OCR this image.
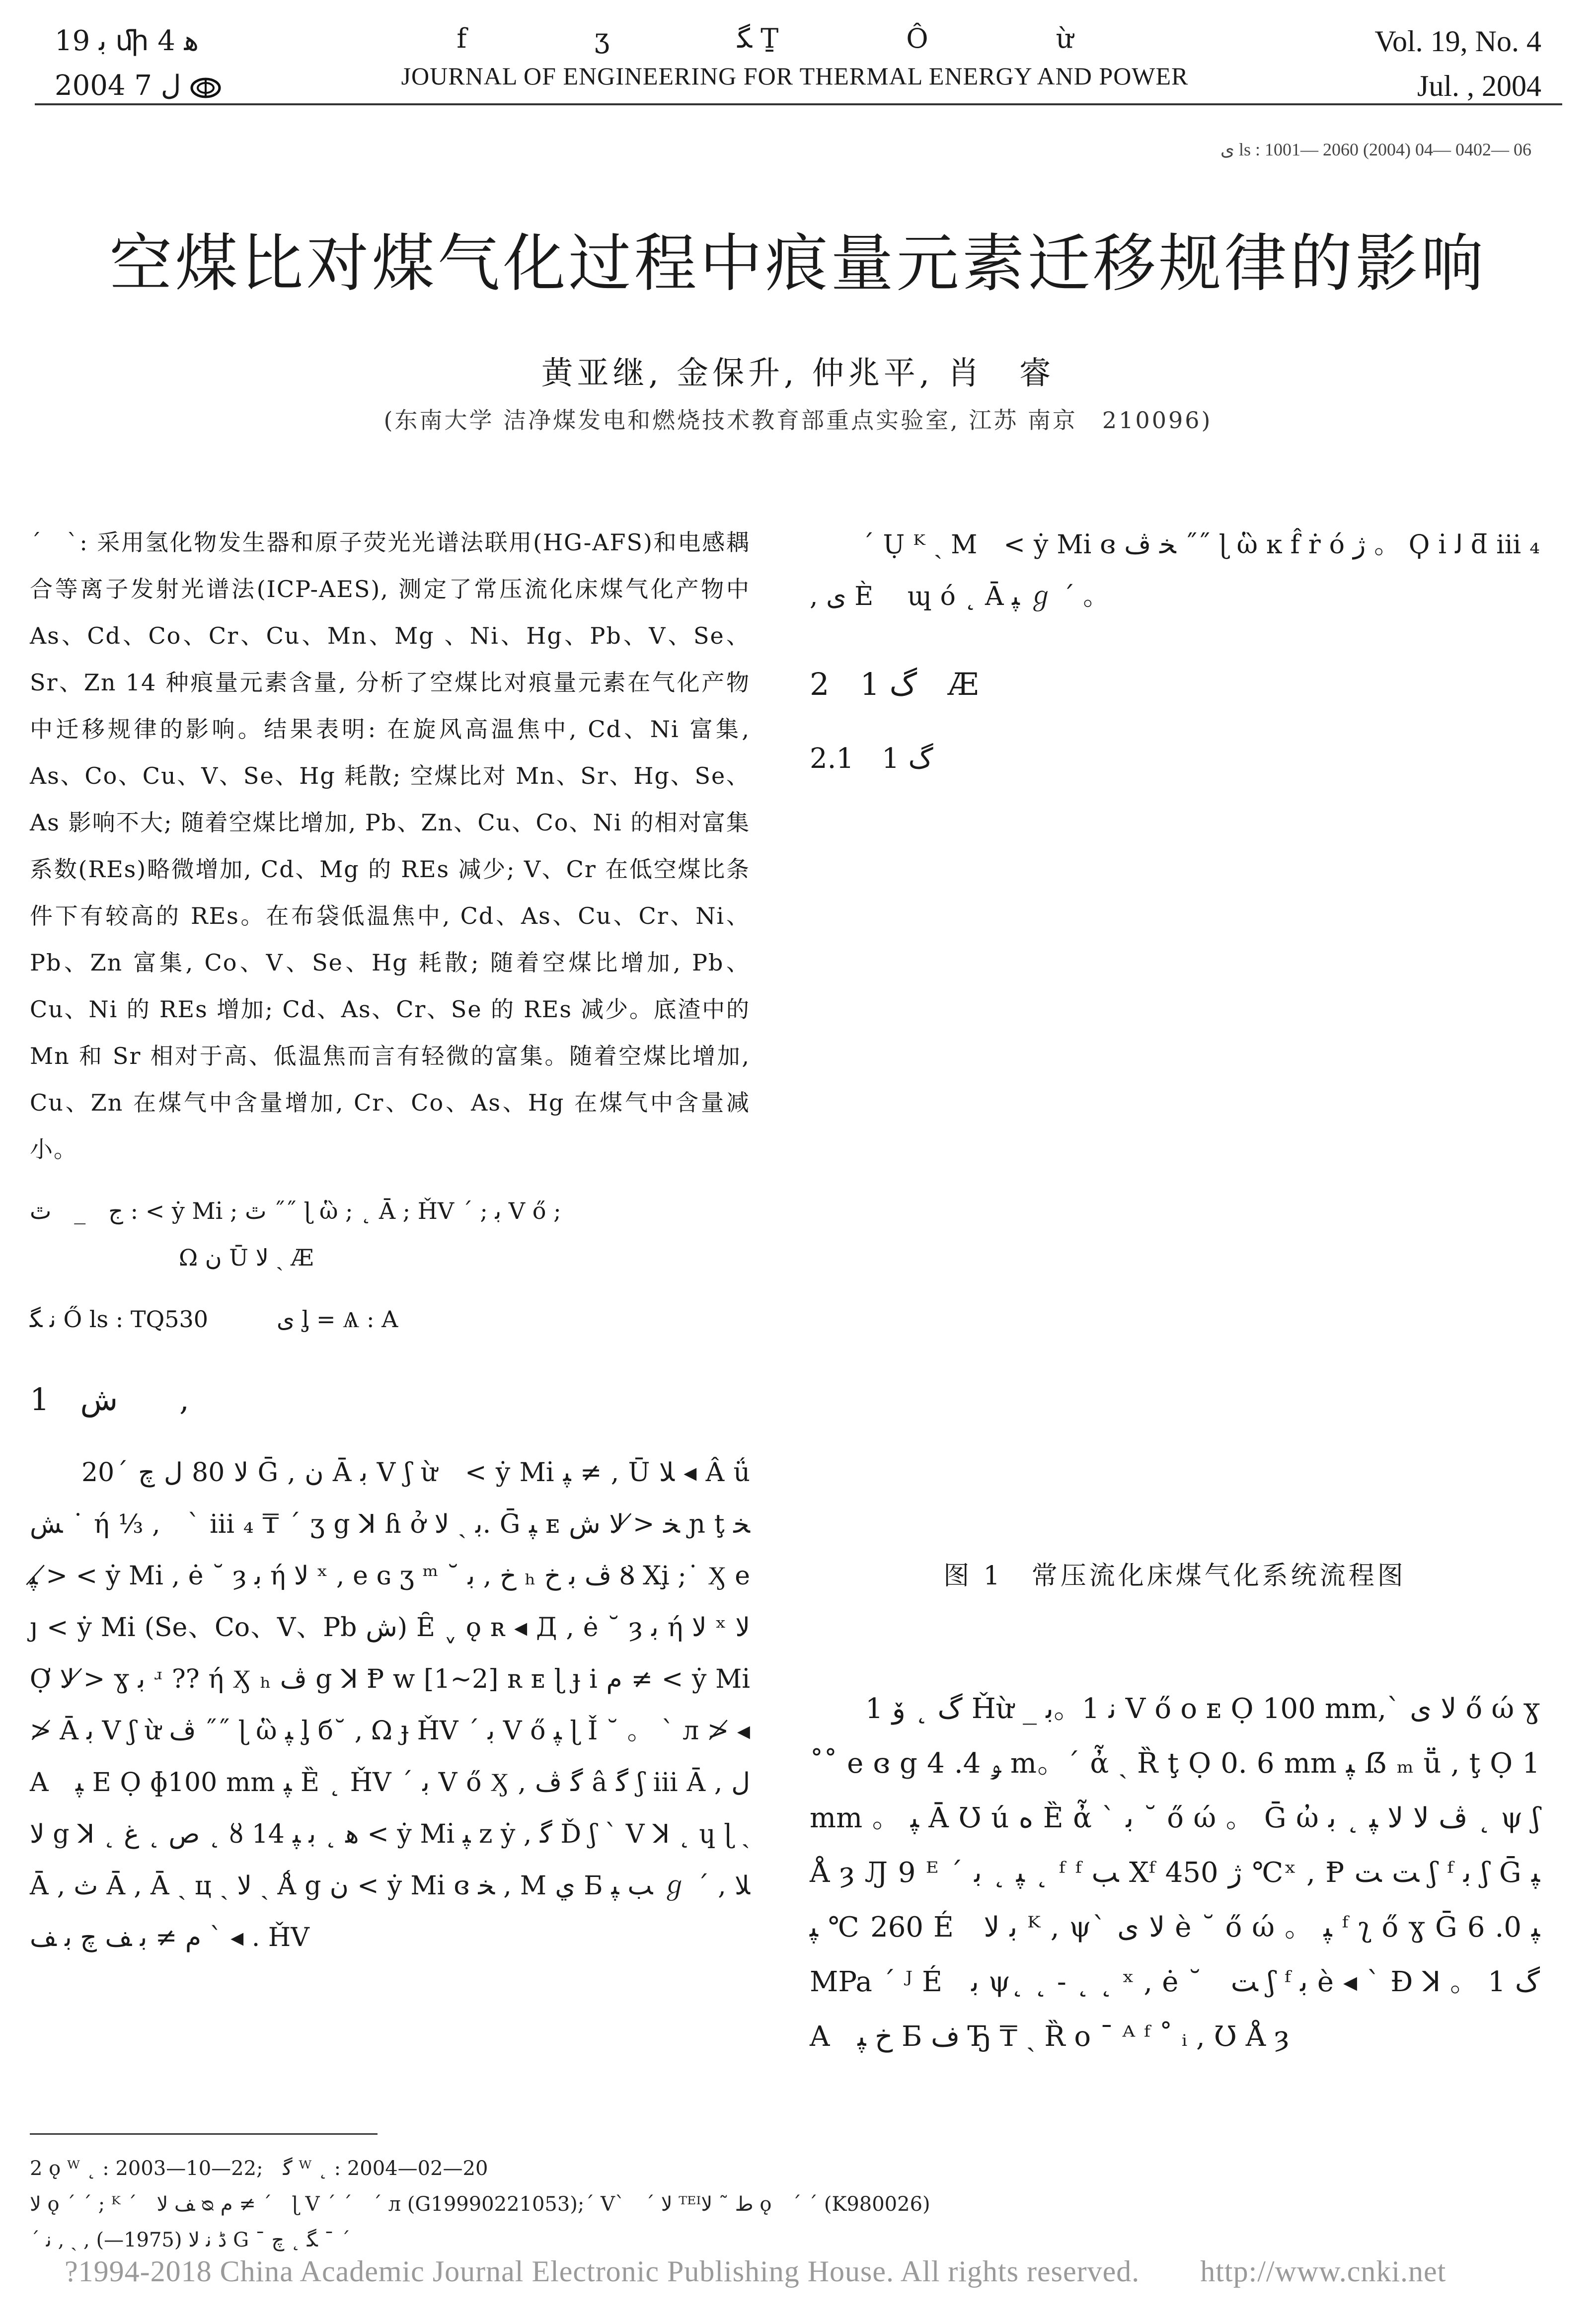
ﺑ 19 ﬕ 4 ﻫ
2004 ﻝ 7
f ʒ ﮕ Ṯ Ô ừ
JOURNAL OF ENGINEERING FOR THERMAL ENERGY AND POWER
Vol. 19, No. 4
Jul. , 2004
ﻯ ls : 1001— 2060 (2004) 04— 0402— 06
空煤比对煤气化过程中痕量元素迁移规律的影响
黄亚继, 金保升, 仲兆平, 肖　睿
(东南大学 洁净煤发电和燃烧技术教育部重点实验室, 江苏 南京　210096)

ˊ　ˋ: 采用氢化物发生器和原子荧光光谱法联用(HG-AFS)和电感耦合等离子发射光谱法(ICP-AES), 测定了常压流化床煤气化产物中 As、Cd、Co、Cr、Cu、Mn、Mg 、Ni、Hg、Pb、V、Se、Sr、Zn 14 种痕量元素含量, 分析了空煤比对痕量元素在气化产物中迁移规律的影响。结果表明: 在旋风高温焦中, Cd、Ni 富集, As、Co、Cu、V、Se、Hg 耗散; 空煤比对 Mn、Sr、Hg、Se、As 影响不大; 随着空煤比增加, Pb、Zn、Cu、Co、Ni 的相对富集系数(REs)略微增加, Cd、Mg 的 REs 减少; V、Cr 在低空煤比条件下有较高的 REs。在布袋低温焦中, Cd、As、Cu、Cr、Ni、Pb、Zn 富集, Co、V、Se、Hg 耗散; 随着空煤比增加, Pb、Cu、Ni 的 REs 增加; Cd、As、Cr、Se 的 REs 减少。底渣中的 Mn 和 Sr 相对于高、低温焦而言有轻微的富集。随着空煤比增加, Cu、Zn 在煤气中含量增加, Cr、Co、As、Hg 在煤气中含量减小。

ﺝ　_　ﭢ : < ẏ Mi̇ ; ﭢ ˝˝ ɭ ὣ ; ˛ Ā ; ȞV ˊ ; ﺑ V ő ;
Ω ﻥ Ū ﻻ ˏ Æ
ﻧ ﮕ Ő ls : TQ530　　　ﻯ ᶅ = Ѧ : A
1　ﺵ　　,

20ˊ ﻻ 80 ﻝ ﭺ Ḡ , ﻥ Ā ﺑ V ʃ ừ　< ẏ Mi̇ ﭙ ≠ , Ū ﻼ ◂ Â ǘ ﺶ ˙ ή ⅓ ,　ˋ iii ₄ ₸ ˊ ʒ g ꓘ ɦ ở ﺑ ˏ ﻻ. Ḡ ﭙ ᴇ ﺨ ≯ ﻻ ﺵ ɲ ţ ﺨ ≯ ﭙ < ẏ Mi̇ , ė ˘ ȝ ﺑ ή ﻻ ˣ , e ɢ ʒ ᵐ ˘ ﺥ , ﺑ ₕ ﭪ ﺑ ﺥ Ȣ Xi̧ ;˙ Ӽ e ȷ < ẏ Mi̇ (Se、Co、V、Pb ﺵ) Ȇ ˬ ǫ ʀ ◂ Д , ė ˘ ȝ ﺑ ή ﻻ ˣ ﻻ Ợ ﻻ ≯ ɣ ﺑ ʴ ?? ή Ӽ ₕ ﭪ g ꓘ Ᵽ w [1~2] ʀ ᴇ ɭ ɟ i ﻡ ≠ < ẏ Mi̇ ≯ Ā ﺑ V ʃ ừ ﭪ ˝˝ ɭ ὣ ﭙ ᶅ б˘ , Ω ɟ ȞV ˊ ﺑ V ő ﭙ ɭ Ǐ ˘ 。 ˋ л ≯ ◂ A　ﭙ E Ọ ɸ100 mm ﭙ Ȅ ˛ ȞV ˊ ﺑ V ő Ӽ , ﮔ ﭪ â ﮔ ʃ iii Ā ﻝ , ﻻ g ꓘ ˛ ﺹ ˛ ﻍ ˛ ȣ ﻫ ˛ ﺑ ﭙ 14 < ẏ Mi̇ ﭙ z ẏ , ﮔ Ď ʃ ˋ V ꓘ ˛ ɥ ɭ ˏ Ā , ﺙ Ā , Ā ˏ ц ˏ ﻻ ˏ Ǻ g ﻥ < ẏ Mi̇ ɞ ﺨ , M ﻱ Б ﺐ ﭙ ℊ ˊ , ﻼ ◂ ˋ ﻡ ≠ ﺑ ﻒ ﭺ ﺑ ﻒ . ȞV

ˊ Ụ ᴷ ˏ M　< ẏ Mi̇ ɞ ﺨ ﭪ ˝˝ ɭ ὣ ĸ f̂ ṙ ó ژ 。 Ϙ i̇ ﻟ ƌ iii ₄ , ﻯ È　 ɰ ó ˛ Ā ﭙ ℊ ˊ 。

2　1 ﮒ　Æ
2.1　1 ﮒ
图 1　常压流化床煤气化系统流程图

1 ﮒ ˛ ﯙ Ȟừ _ ﻧ 1。ﺑ V ő ᴏ ᴇ Ọ 100 mm,ˋ ﻻ ﻯ ő ώ ɣ ˚˚ e ɞ g ﯡ 4. 4 m。ˊ ἆ ˏ Ȑ ţ Ọ 0. 6 mm ﭙ ẞ ₘ ṻ , ţ Ọ 1 mm 。 ﭙ Ā Ʊ ú ﻩ Ȅ ἆ ˋ ﺑ ˘ ő ώ 。 Ḡ ὠ ﭪ ﻻ ﻻ ﭙ ˛ ﺑ ˛ ψ ʃ Å ȝ Ԓ 9 ᴱ ˊ ﭙ ˛ ﺑ ˛ ᶠ ᶠ ﺐ Xᶠ ژ 450 ℃ˣ , Ᵽ ﺖ ﺖ ʃ ᶠ ﺑ ʃ Ḡ ﭙ 260 ℃ ﭙ É　ﺑ ﻻ ᴷ , ψˋ ﻻ ﻯ è ˘ ő ώ 。 ﭙ ᶠ ʅ ő ɣ Ḡ ﭙ 0. 6 MPa ˊ ᴶ É　ﺑ ψ˛ ˛ - ˛ ˛ ˣ , ė ˘　ﺖ ʃ ᶠ ﺑ è ◂ ˋ Ð ꓘ 。 1 ﮒ A　ﺥ ﭙ Б ﻑ Ђ ₸ ˏ Ȑ ᴏ ˉ ᴬ ᶠ ˚ ᵢ , Ʊ Å ȝ

2 ǫ ᵂ ˛ : 2003—10—22;　ﮔ ᵂ ˛ : 2004—02—20
ﻻ ǫ ˊ ˊ ; ᴷ ˊ　ﻒ ﻻ ᴓ ﻡ ≠ ˊ　ɭ V ˊ ˊ　ˊ л (G19990221053);ˊ Vˋ　ˊ ﻻ ᵀᴱᴵﻁ ˜ ﻻ ǫ　ˊ ˊ (K980026)
ˊ ﮈ ﻧ ﻻ (1975—) , ˏ , ﻧ G ˉ ﮕ ˛ ﭺ ˉ ˊ
?1994-2018 China Academic Journal Electronic Publishing House. All rights reserved.　　http://www.cnki.net
